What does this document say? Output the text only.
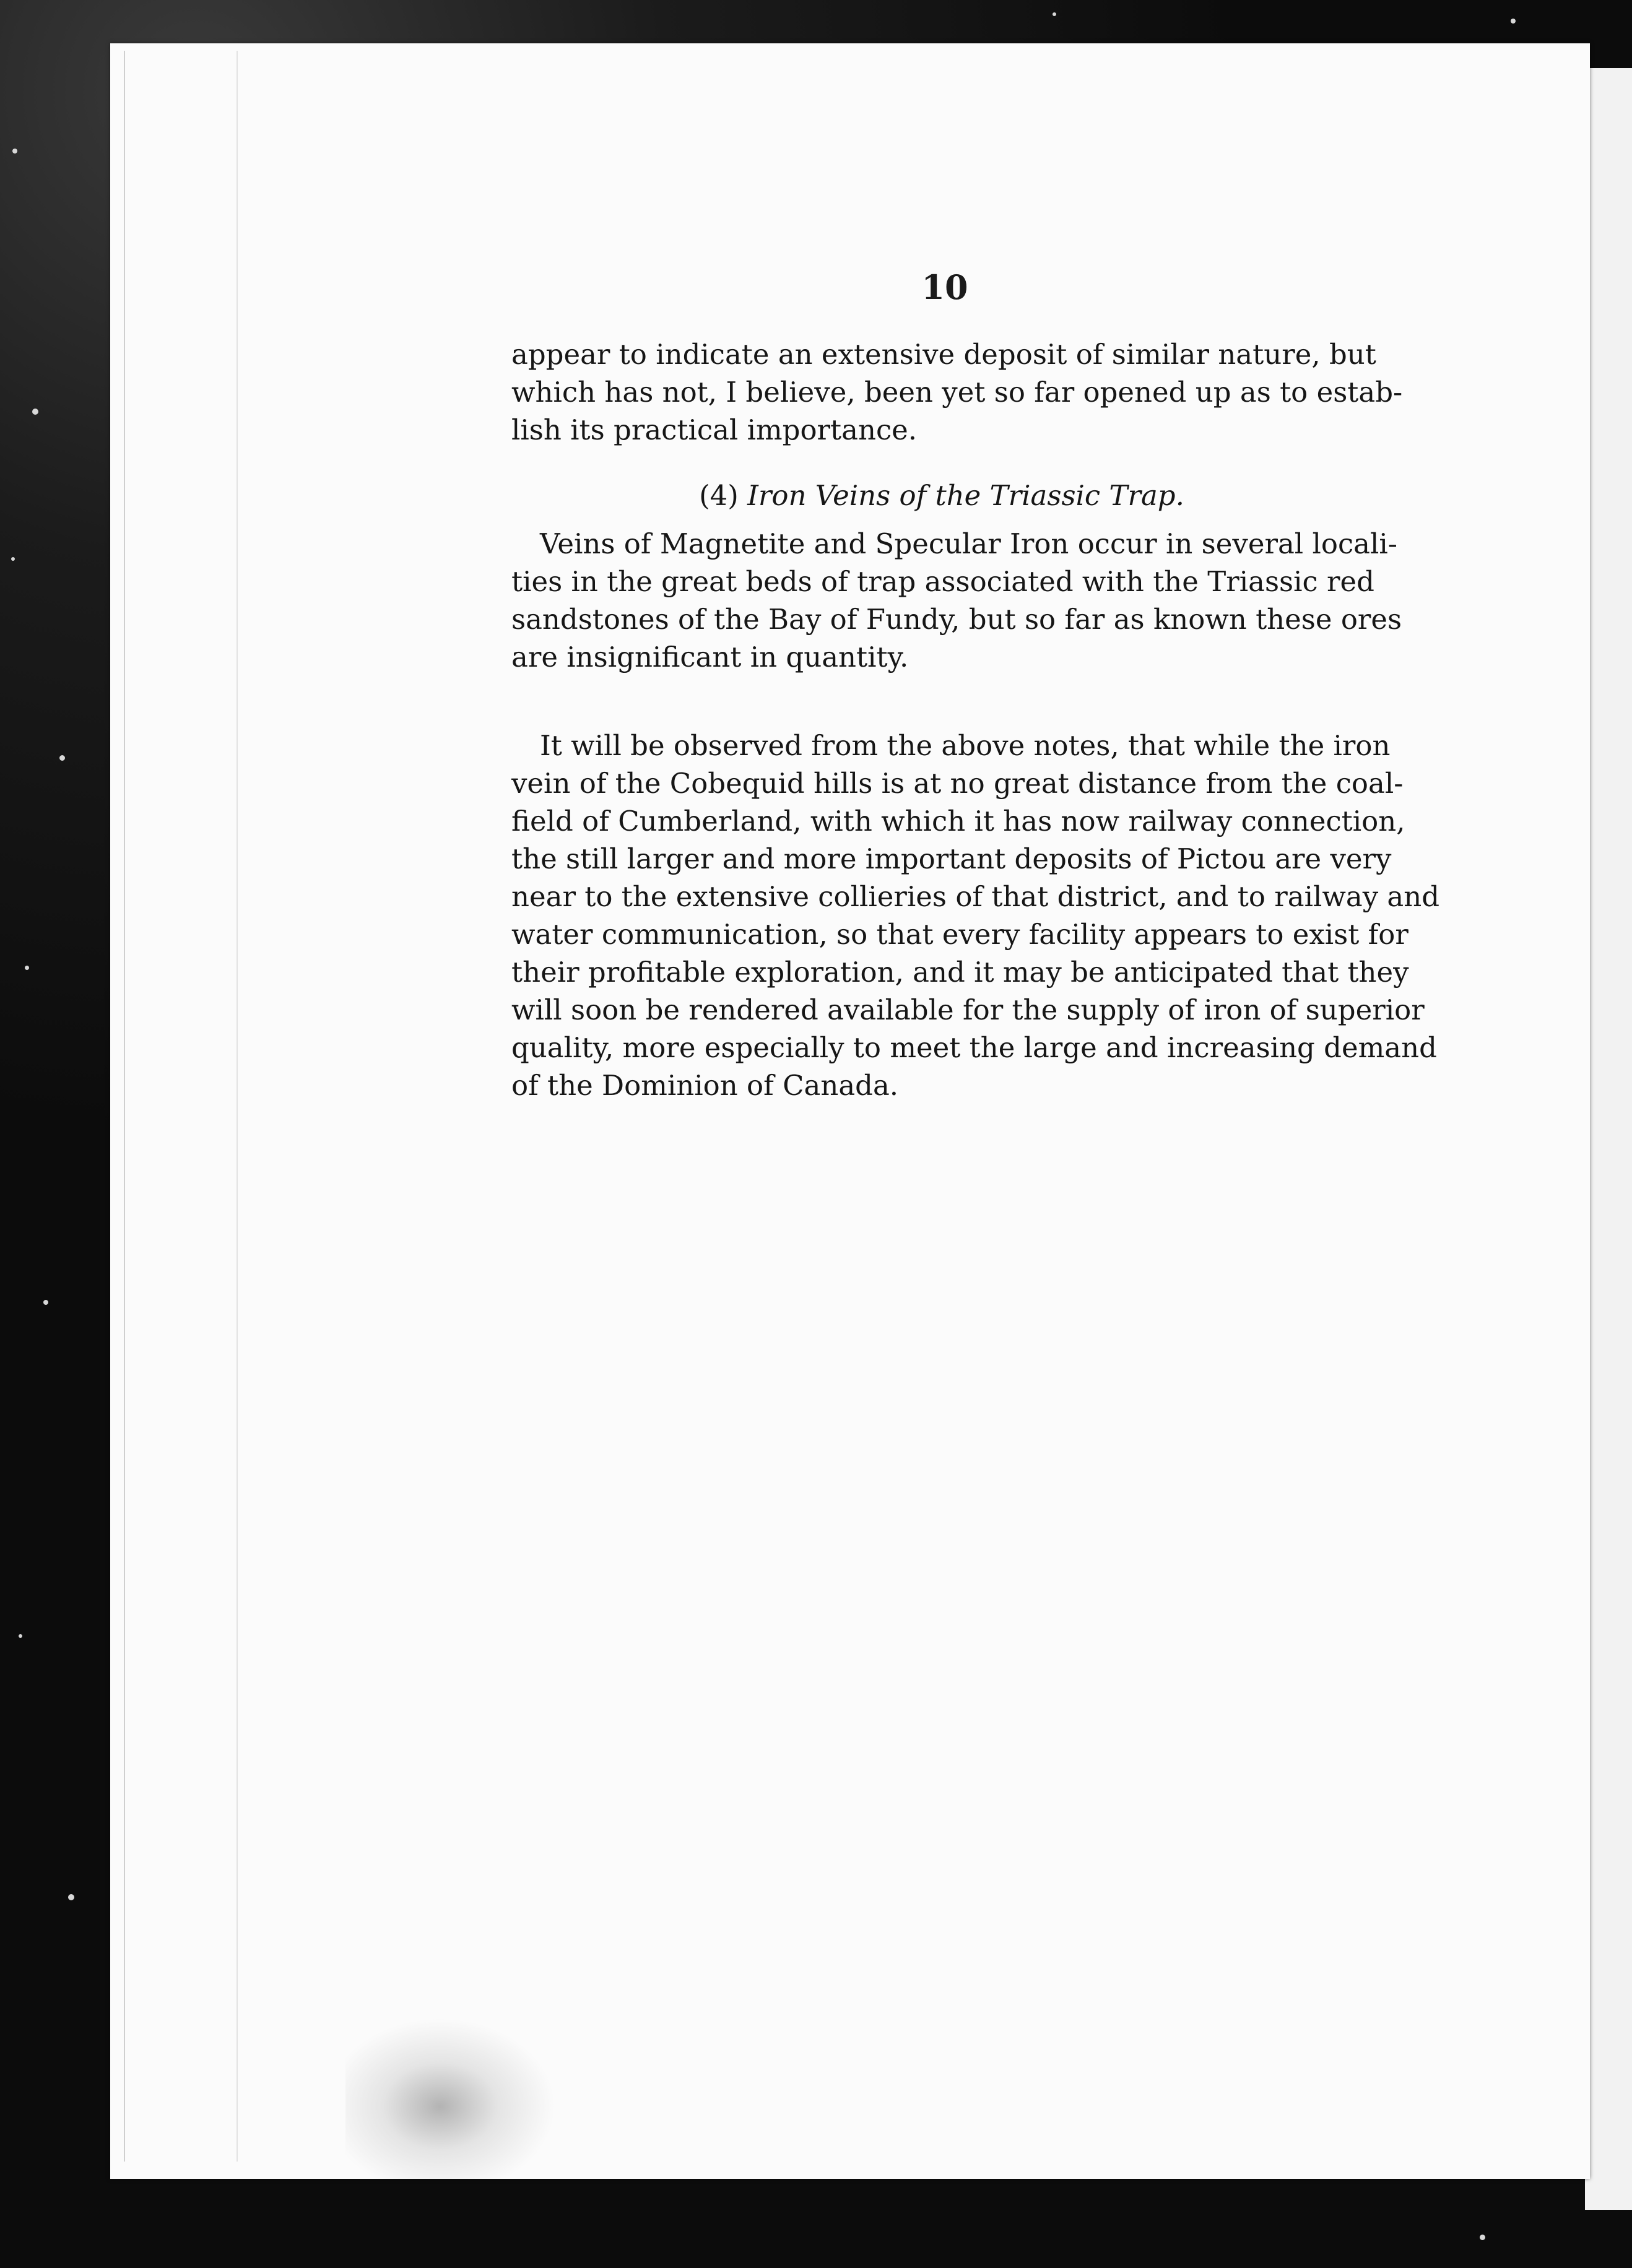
10
appear to indicate an extensive deposit of similar nature, but
which has not, I believe, been yet so far opened up as to estab-
lish its practical importance.
(4) Iron Veins of the Triassic Trap.
Veins of Magnetite and Specular Iron occur in several locali-
ties in the great beds of trap associated with the Triassic red
sandstones of the Bay of Fundy, but so far as known these ores
are insignificant in quantity.
It will be observed from the above notes, that while the iron
vein of the Cobequid hills is at no great distance from the coal-
field of Cumberland, with which it has now railway connection,
the still larger and more important deposits of Pictou are very
near to the extensive collieries of that district, and to railway and
water communication, so that every facility appears to exist for
their profitable exploration, and it may be anticipated that they
will soon be rendered available for the supply of iron of superior
quality, more especially to meet the large and increasing demand
of the Dominion of Canada.
